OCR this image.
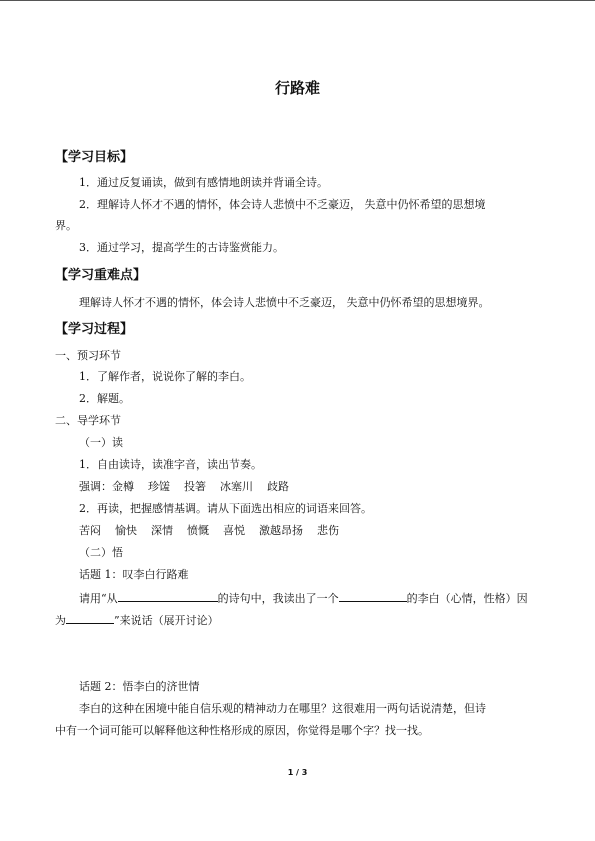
行路难
【学习目标】
1．通过反复诵读，做到有感情地朗读并背诵全诗。
2．理解诗人怀才不遇的情怀，体会诗人悲愤中不乏豪迈， 失意中仍怀希望的思想境
界。
3．通过学习，提高学生的古诗鉴赏能力。
【学习重难点】
理解诗人怀才不遇的情怀，体会诗人悲愤中不乏豪迈， 失意中仍怀希望的思想境界。
【学习过程】
一、预习环节
1．了解作者，说说你了解的李白。
2．解题。
二、导学环节
（一）读
1．自由读诗，读准字音，读出节奏。
强调：金樽 珍馐 投箸 冰塞川 歧路
2．再读，把握感情基调。请从下面选出相应的词语来回答。
苦闷 愉快 深情 愤慨 喜悦 激越昂扬 悲伤
（二）悟
话题 1：叹李白行路难
请用“从	的诗句中，我读出了一个	的李白（心情，性格）因
为	”来说话（展开讨论）
话题 2：悟李白的济世情
李白的这种在困境中能自信乐观的精神动力在哪里？这很难用一两句话说清楚，但诗
中有一个词可能可以解释他这种性格形成的原因，你觉得是哪个字？找一找。
1 / 3
